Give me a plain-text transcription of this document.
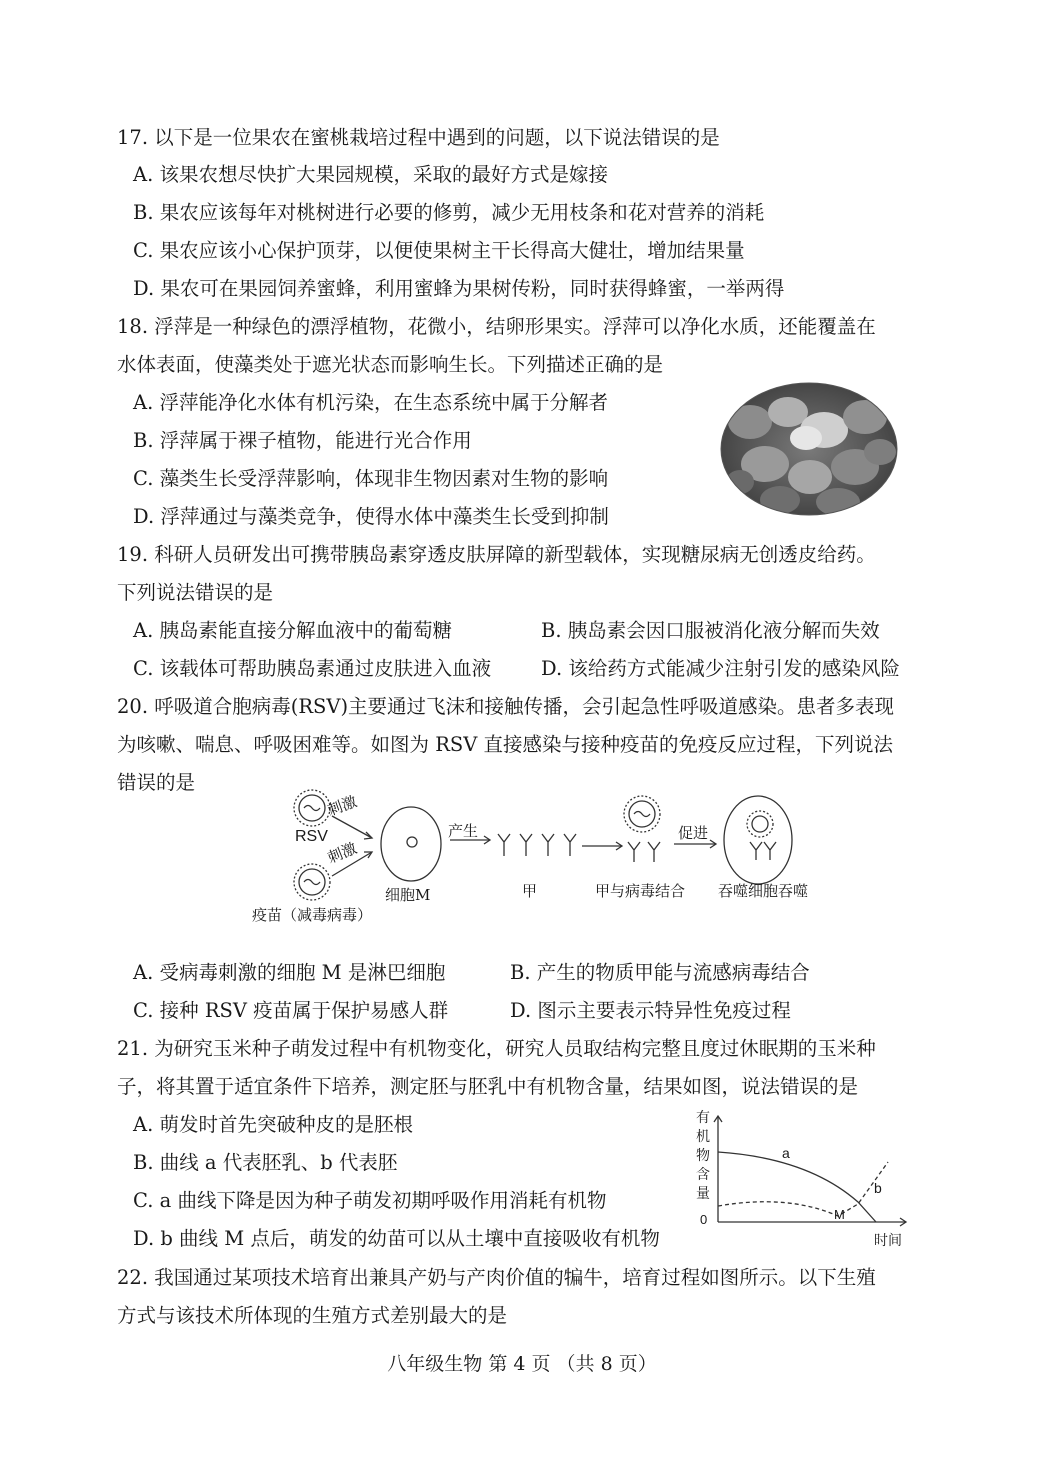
17. 以下是一位果农在蜜桃栽培过程中遇到的问题，以下说法错误的是
A. 该果农想尽快扩大果园规模，采取的最好方式是嫁接
B. 果农应该每年对桃树进行必要的修剪，减少无用枝条和花对营养的消耗
C. 果农应该小心保护顶芽，以便使果树主干长得高大健壮，增加结果量
D. 果农可在果园饲养蜜蜂，利用蜜蜂为果树传粉，同时获得蜂蜜，一举两得
18. 浮萍是一种绿色的漂浮植物，花微小，结卵形果实。浮萍可以净化水质，还能覆盖在
水体表面，使藻类处于遮光状态而影响生长。下列描述正确的是
A. 浮萍能净化水体有机污染，在生态系统中属于分解者
B. 浮萍属于裸子植物，能进行光合作用
C. 藻类生长受浮萍影响，体现非生物因素对生物的影响
D. 浮萍通过与藻类竞争，使得水体中藻类生长受到抑制
19. 科研人员研发出可携带胰岛素穿透皮肤屏障的新型载体，实现糖尿病无创透皮给药。
下列说法错误的是
A. 胰岛素能直接分解血液中的葡萄糖	B. 胰岛素会因口服被消化液分解而失效
C. 该载体可帮助胰岛素通过皮肤进入血液	D. 该给药方式能减少注射引发的感染风险
20. 呼吸道合胞病毒(RSV)主要通过飞沫和接触传播，会引起急性呼吸道感染。患者多表现
为咳嗽、喘息、呼吸困难等。如图为 RSV 直接感染与接种疫苗的免疫反应过程，下列说法
错误的是
刺激
刺激
RSV
疫苗（减毒病毒）
细胞M
产生
甲	甲与病毒结合
促进
吞噬细胞吞噬
A. 受病毒刺激的细胞 M 是淋巴细胞	B. 产生的物质甲能与流感病毒结合
C. 接种 RSV 疫苗属于保护易感人群	D. 图示主要表示特异性免疫过程
21. 为研究玉米种子萌发过程中有机物变化，研究人员取结构完整且度过休眠期的玉米种
子，将其置于适宜条件下培养，测定胚与胚乳中有机物含量，结果如图，说法错误的是
A. 萌发时首先突破种皮的是胚根
B. 曲线 a 代表胚乳、b 代表胚
C. a 曲线下降是因为种子萌发初期呼吸作用消耗有机物
D. b 曲线 M 点后，萌发的幼苗可以从土壤中直接吸收有机物
有
机
物
含
量
0
a
b
M
时间
22. 我国通过某项技术培育出兼具产奶与产肉价值的犏牛，培育过程如图所示。以下生殖
方式与该技术所体现的生殖方式差别最大的是
八年级生物 第 4 页 （共 8 页）
